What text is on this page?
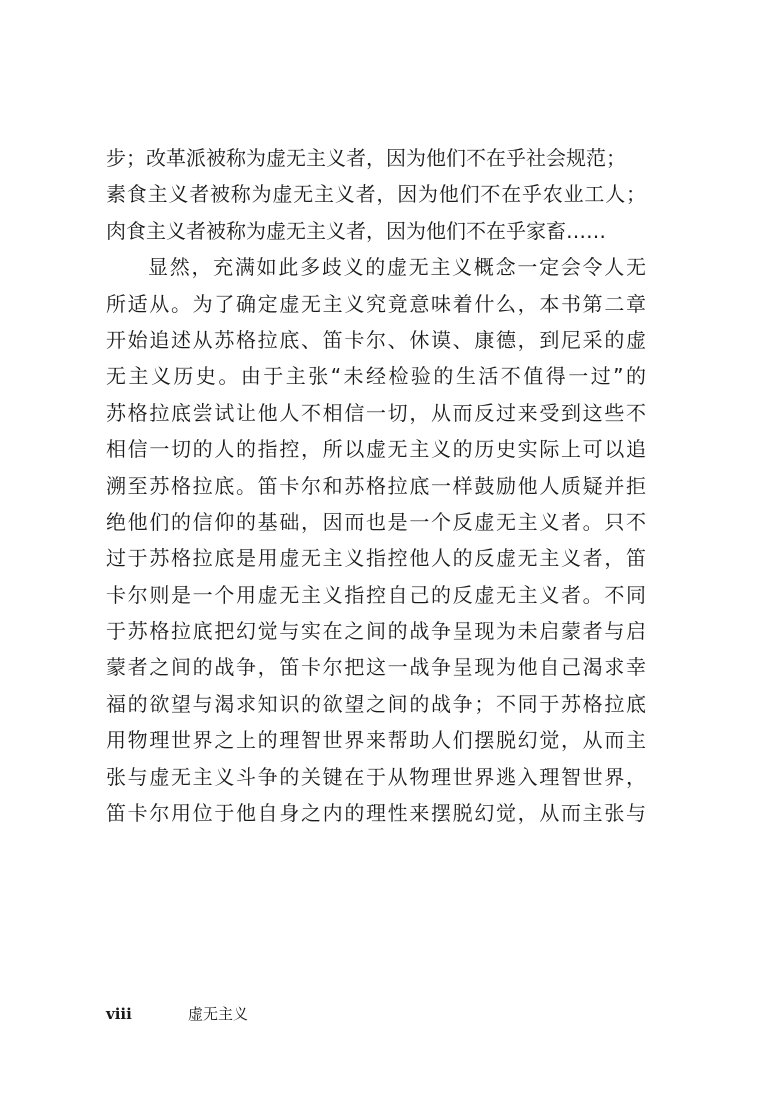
步；改革派被称为虚无主义者，因为他们不在乎社会规范；
素食主义者被称为虚无主义者，因为他们不在乎农业工人；
肉食主义者被称为虚无主义者，因为他们不在乎家畜……
显然，充满如此多歧义的虚无主义概念一定会令人无
所适从。为了确定虚无主义究竟意味着什么，本书第二章
开始追述从苏格拉底、笛卡尔、休谟、康德，到尼采的虚
无主义历史。由于主张“未经检验的生活不值得一过”的
苏格拉底尝试让他人不相信一切，从而反过来受到这些不
相信一切的人的指控，所以虚无主义的历史实际上可以追
溯至苏格拉底。笛卡尔和苏格拉底一样鼓励他人质疑并拒
绝他们的信仰的基础，因而也是一个反虚无主义者。只不
过于苏格拉底是用虚无主义指控他人的反虚无主义者，笛
卡尔则是一个用虚无主义指控自己的反虚无主义者。不同
于苏格拉底把幻觉与实在之间的战争呈现为未启蒙者与启
蒙者之间的战争，笛卡尔把这一战争呈现为他自己渴求幸
福的欲望与渴求知识的欲望之间的战争；不同于苏格拉底
用物理世界之上的理智世界来帮助人们摆脱幻觉，从而主
张与虚无主义斗争的关键在于从物理世界逃入理智世界，
笛卡尔用位于他自身之内的理性来摆脱幻觉，从而主张与
viii	虚无主义
